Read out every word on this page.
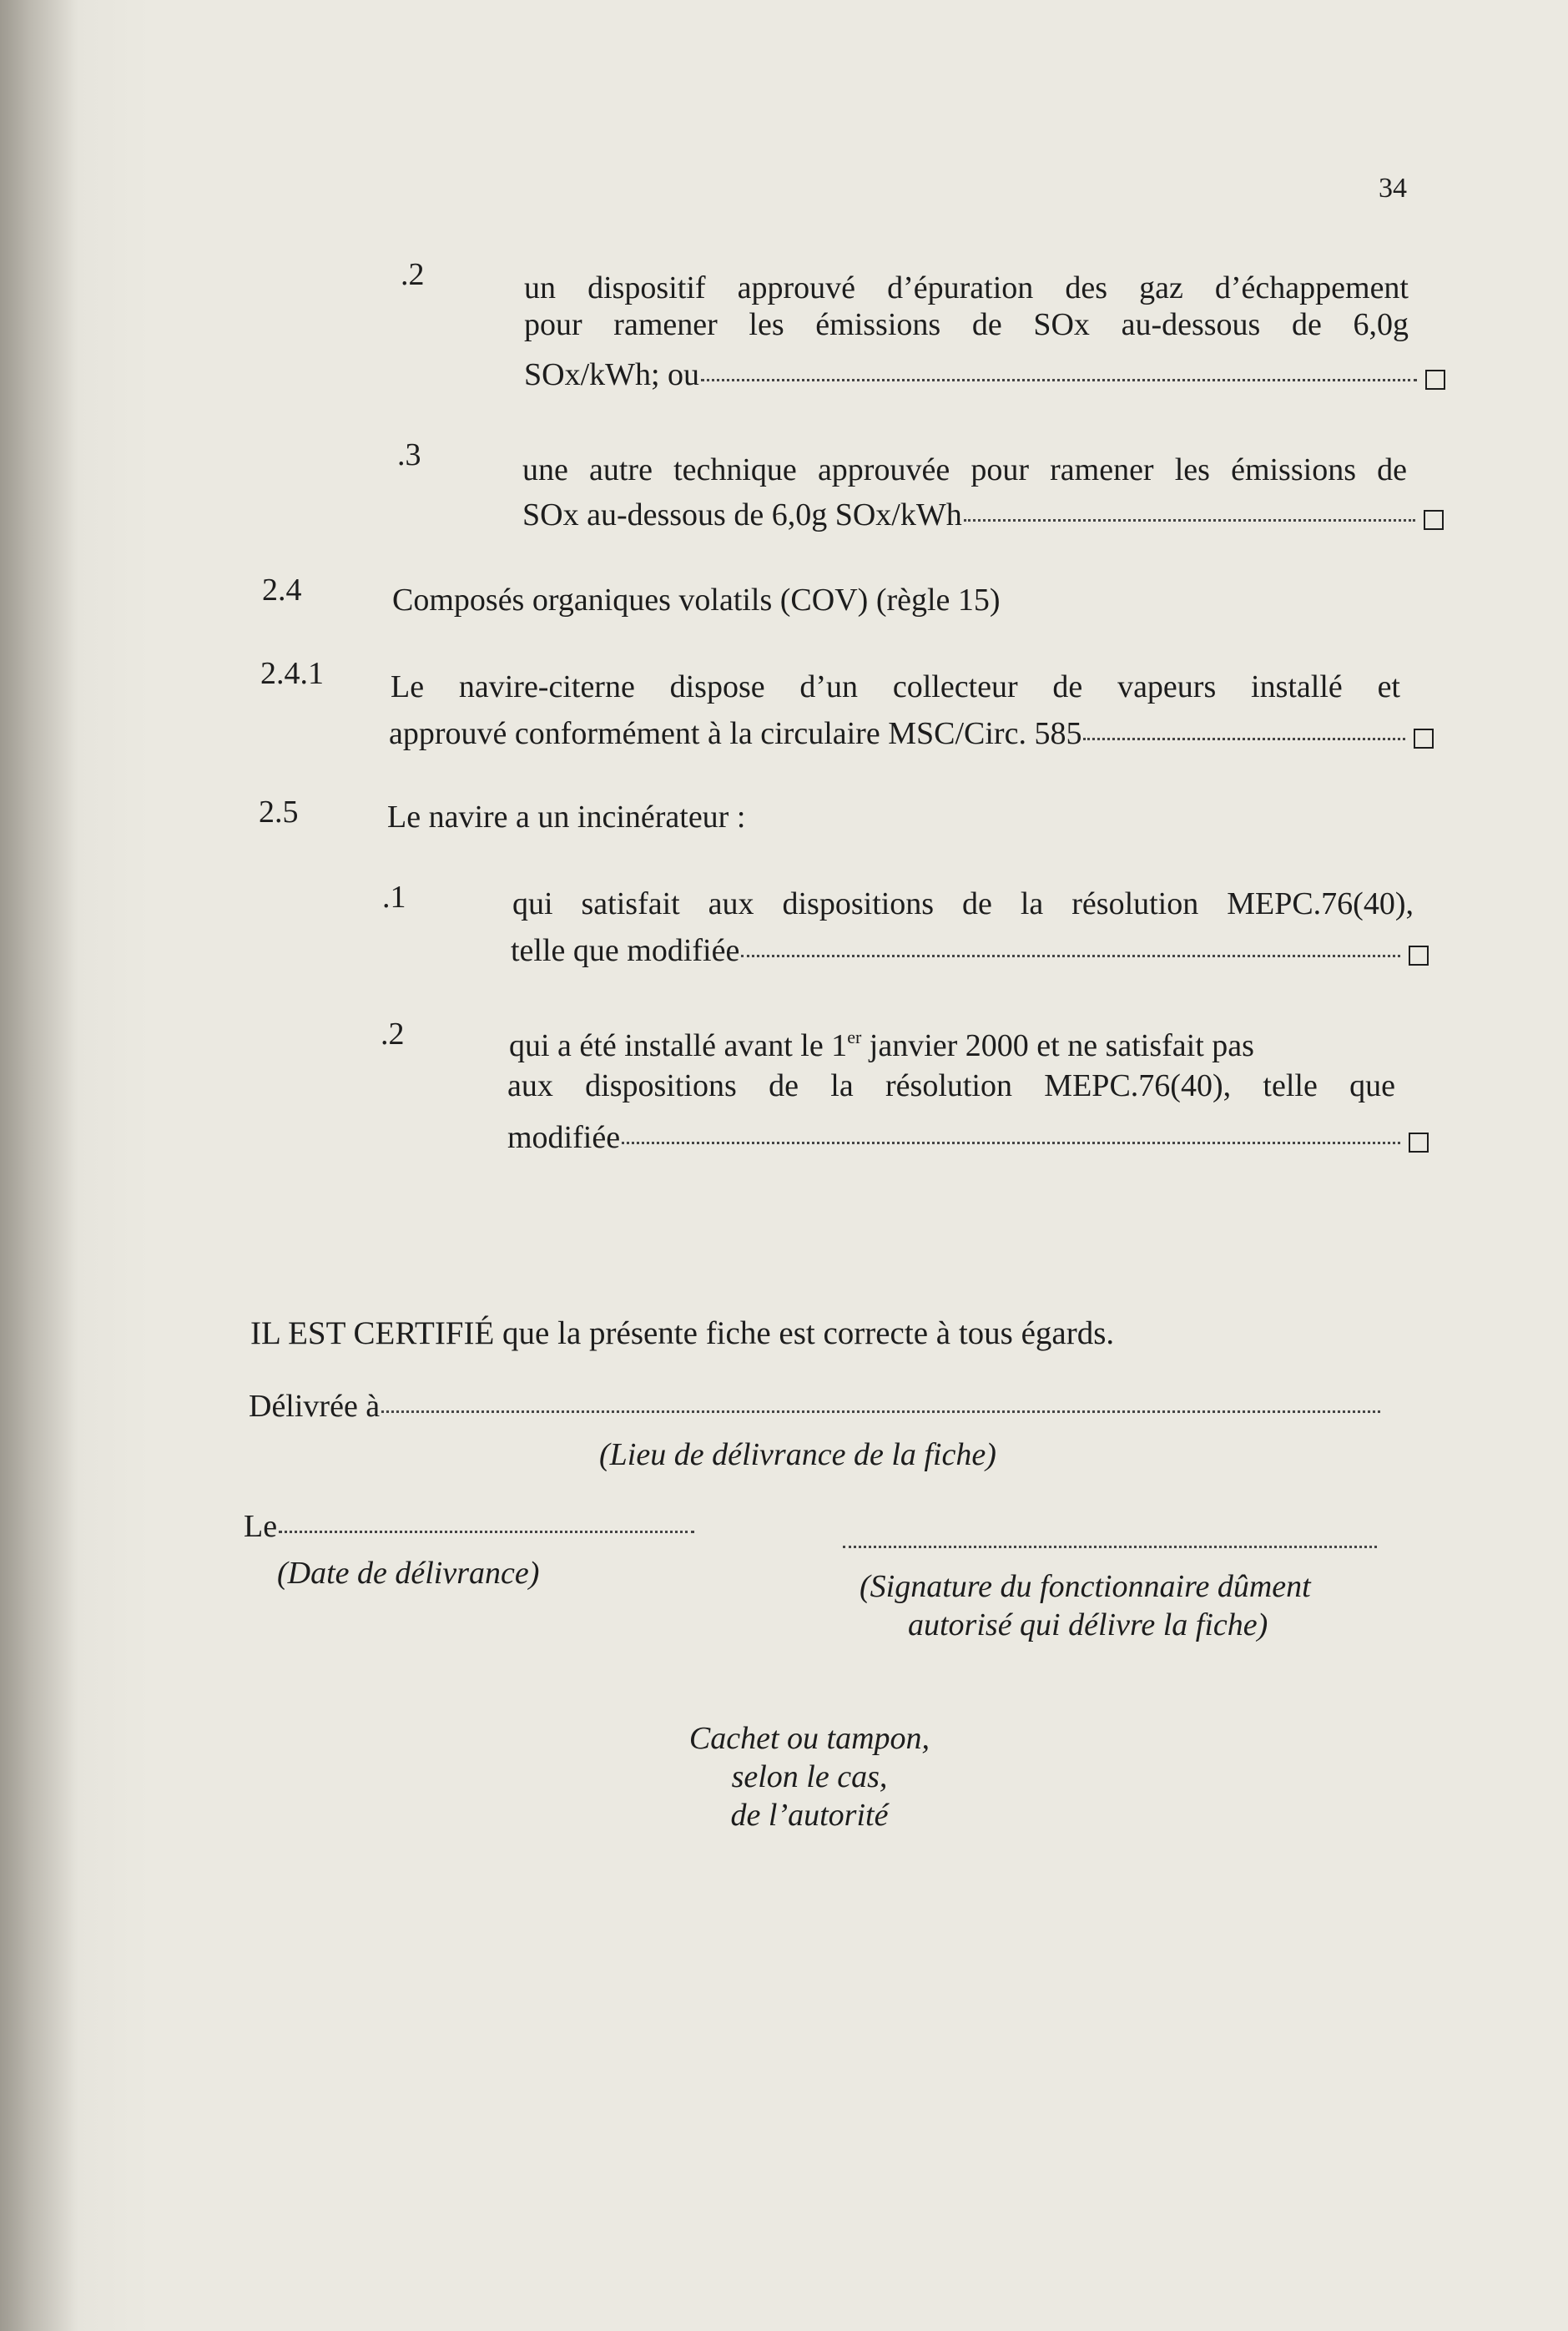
34
.2	un dispositif approuvé d’épuration des gaz d’échappement
pour ramener les émissions de SOx au-dessous de 6,0g
SOx/kWh; ou
.3	une autre technique approuvée pour ramener les émissions de
SOx au-dessous de 6,0g SOx/kWh
2.4	Composés organiques volatils (COV) (règle 15)
2.4.1 Le navire-citerne dispose d’un collecteur de vapeurs installé et
approuvé conformément à la circulaire MSC/Circ. 585
2.5	Le navire a un incinérateur :
.1	qui satisfait aux dispositions de la résolution MEPC.76(40),
telle que modifiée
.2	qui a été installé avant le 1er janvier 2000 et ne satisfait pas
aux dispositions de la résolution MEPC.76(40), telle que
modifiée
IL EST CERTIFIÉ que la présente fiche est correcte à tous égards.
Délivrée à
(Lieu de délivrance de la fiche)
Le
(Date de délivrance)	(Signature du fonctionnaire dûment
autorisé qui délivre la fiche)
Cachet ou tampon,
selon le cas,
de l’autorité
